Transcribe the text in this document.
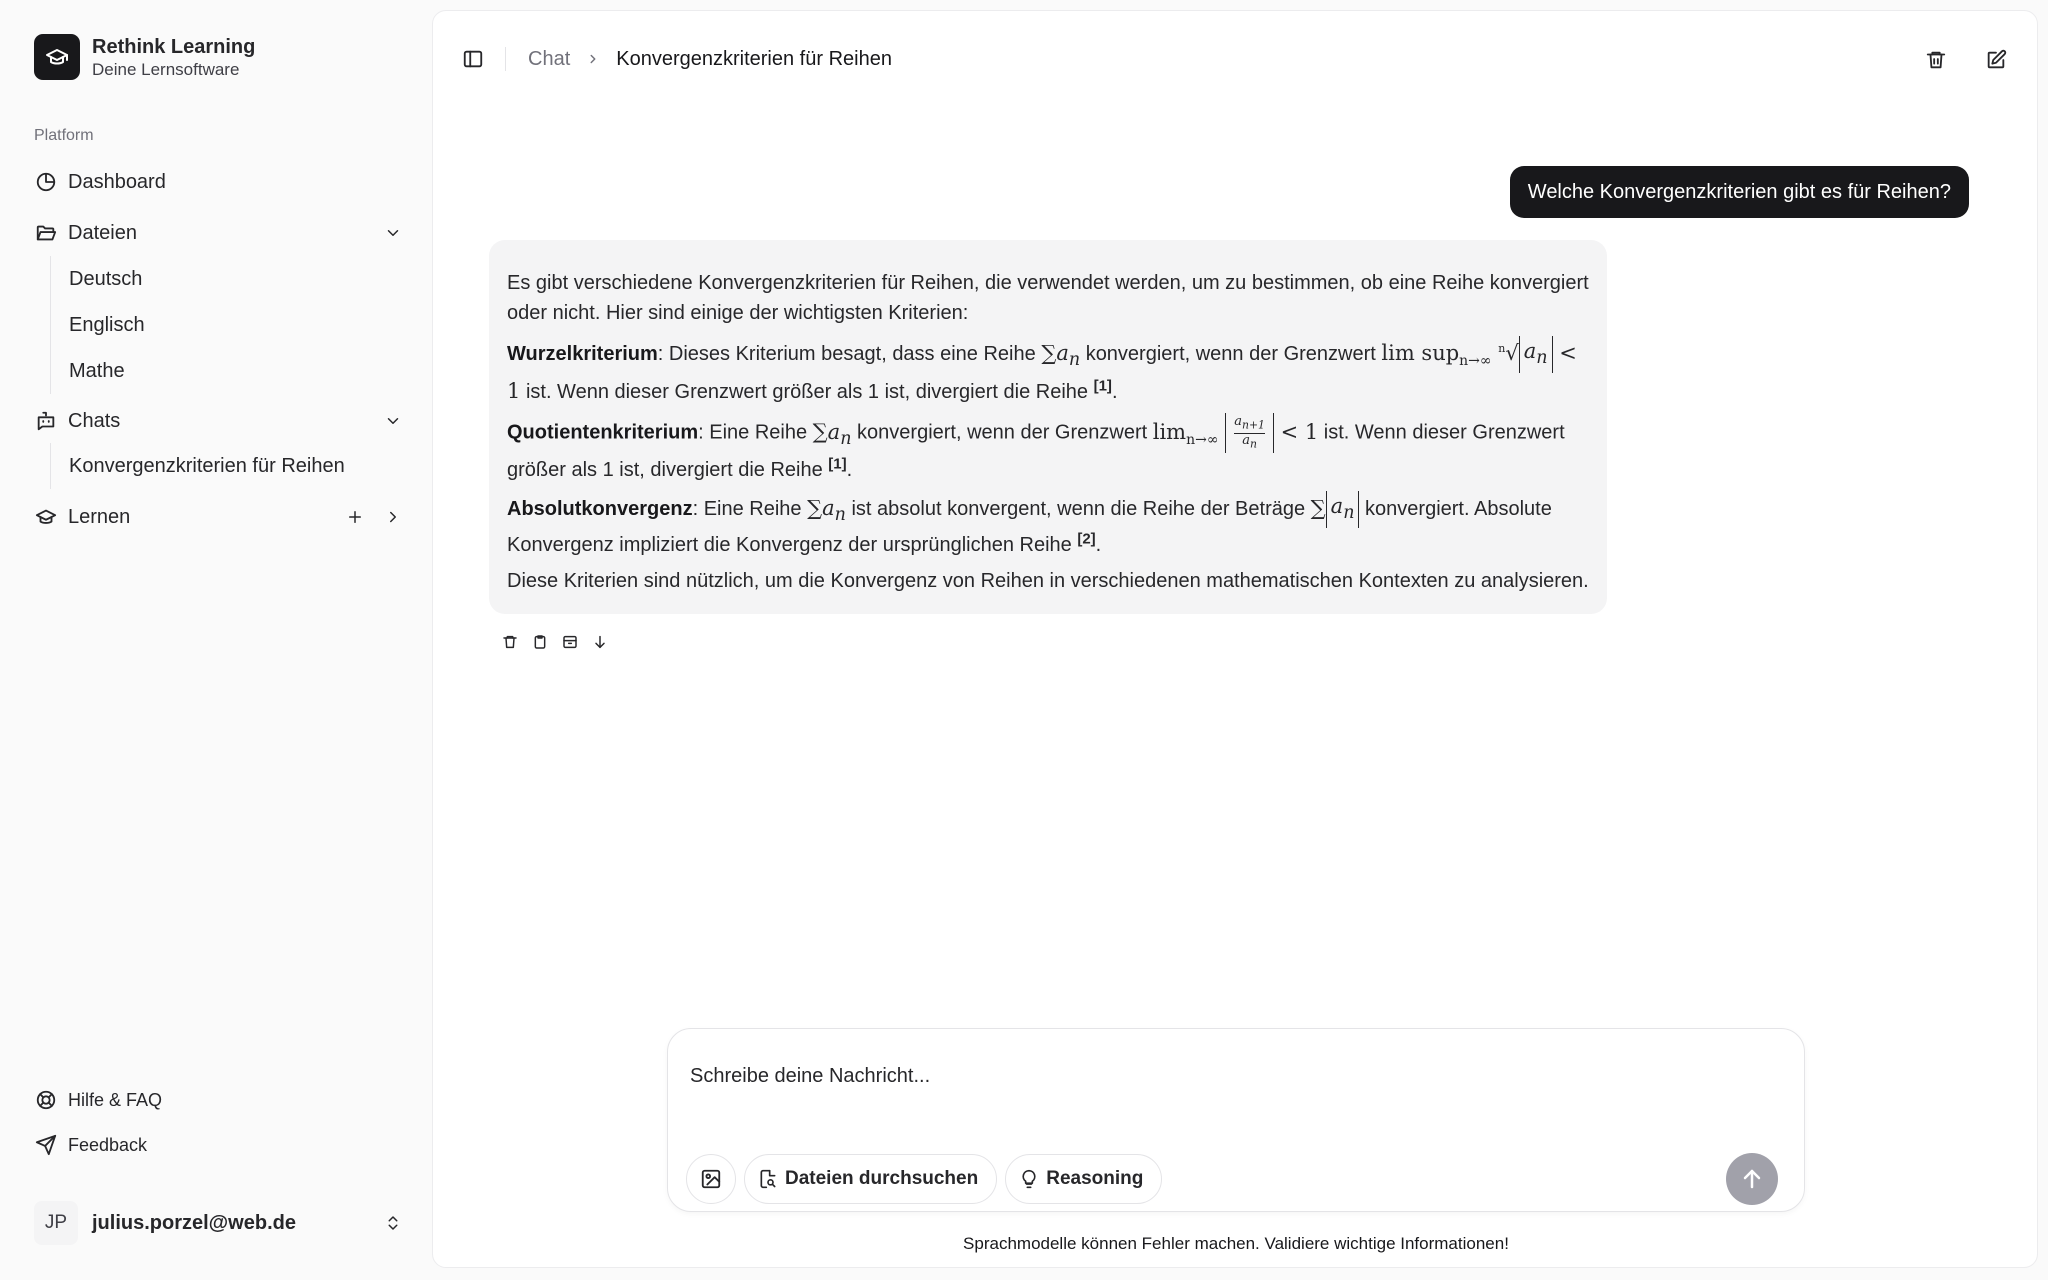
Rethink Learning
Deine Lernsoftware
Platform
Dashboard
Dateien
Deutsch
Englisch
Mathe
Chats
Konvergenzkriterien für Reihen
Lernen
Hilfe & FAQ
Feedback
JP	julius.porzel@web.de
Chat Konvergenzkriterien für Reihen
Welche Konvergenzkriterien gibt es für Reihen?

Es gibt verschiedene Konvergenzkriterien für Reihen, die verwendet werden, um zu bestimmen, ob eine Reihe konvergiert oder nicht. Hier sind einige der wichtigsten Kriterien:

Wurzelkriterium: Dieses Kriterium besagt, dass eine Reihe $\sum a_n$ konvergiert, wenn der Grenzwert lim sup$_{n\to\infty}$ $^n$√ $a_n < 1$ ist. Wenn dieser Grenzwert größer als 1 ist, divergiert die Reihe [1].

Quotientenkriterium: Eine Reihe $\sum a_n$ konvergiert, wenn der Grenzwert $\lim_{n\to\infty} \frac{a_{n+1}}{a_n} < 1$ ist. Wenn dieser Grenzwert größer als 1 ist, divergiert die Reihe [1].

Absolutkonvergenz: Eine Reihe $\sum a_n$ ist absolut konvergent, wenn die Reihe der Beträge ∑ $a_n$ konvergiert. Absolute Konvergenz impliziert die Konvergenz der ursprünglichen Reihe [2].

Diese Kriterien sind nützlich, um die Konvergenz von Reihen in verschiedenen mathematischen Kontexten zu analysieren.

Schreibe deine Nachricht...
Dateien durchsuchen	Reasoning
Sprachmodelle können Fehler machen. Validiere wichtige Informationen!
